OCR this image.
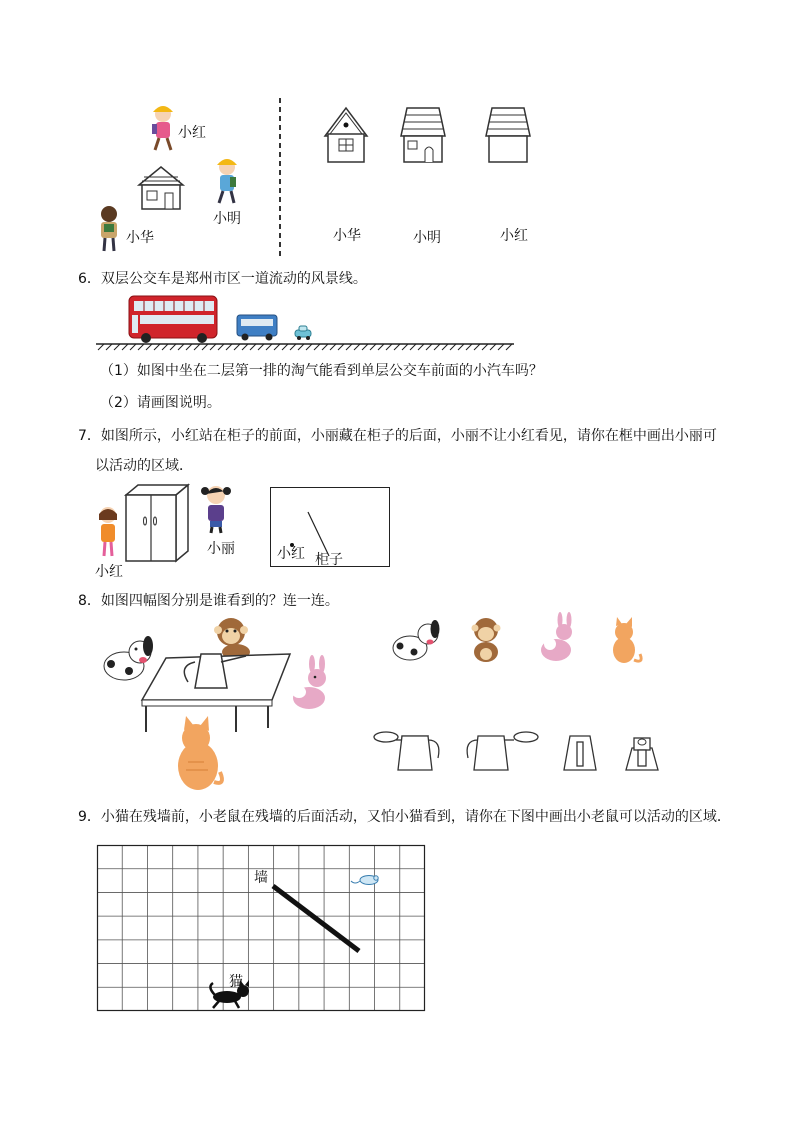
小红
小明
小华	小华	小明	小红
6．双层公交车是郑州市区一道流动的风景线。
（1）如图中坐在二层第一排的淘气能看到单层公交车前面的小汽车吗？
（2）请画图说明。
7．如图所示，小红站在柜子的前面，小丽藏在柜子的后面，小丽不让小红看见，请你在框中画出小丽可
以活动的区域．
小红
小丽	小红 柜子
8．如图四幅图分别是谁看到的？连一连。
9．小猫在残墙前，小老鼠在残墙的后面活动，又怕小猫看到，请你在下图中画出小老鼠可以活动的区域．
墙
猫
